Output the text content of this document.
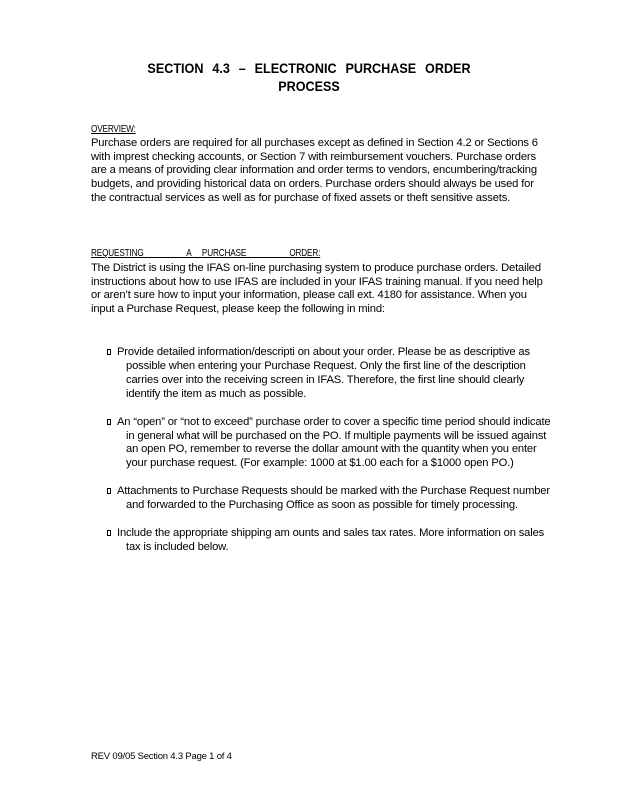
SECTION 4.3 – ELECTRONIC PURCHASE ORDER
PROCESS
OVERVIEW:
Purchase orders are required for all purchases except as defined in Section 4.2 or Sections 6 with imprest checking accounts, or Section 7 with reimbursement vouchers. Purchase orders are a means of providing clear information and order terms to vendors, encumbering/tracking budgets, and providing historical data on orders. Purchase orders should always be used for the contractual services as well as for purchase of fixed assets or theft sensitive assets.
REQUESTING        A  PURCHASE        ORDER:
The District is using the IFAS on-line purchasing system to produce purchase orders. Detailed instructions about how to use IFAS are included in your IFAS training manual. If you need help or aren’t sure how to input your information, please call ext. 4180 for assistance. When you input a Purchase Request, please keep the following in mind:
Provide detailed information/descripti on about your order. Please be as descriptive as possible when entering your Purchase Request. Only the first line of the description carries over into the receiving screen in IFAS. Therefore, the first line should clearly identify the item as much as possible.
An “open” or “not to exceed” purchase order to cover a specific time period should indicate in general what will be purchased on the PO. If multiple payments will be issued against an open PO, remember to reverse the dollar amount with the quantity when you enter your purchase request. (For example: 1000 at $1.00 each for a $1000 open PO.)
Attachments to Purchase Requests should be marked with the Purchase Request number and forwarded to the Purchasing Office as soon as possible for timely processing.
Include the appropriate shipping am ounts and sales tax rates. More information on sales tax is included below.
REV 09/05 Section 4.3 Page 1 of 4
